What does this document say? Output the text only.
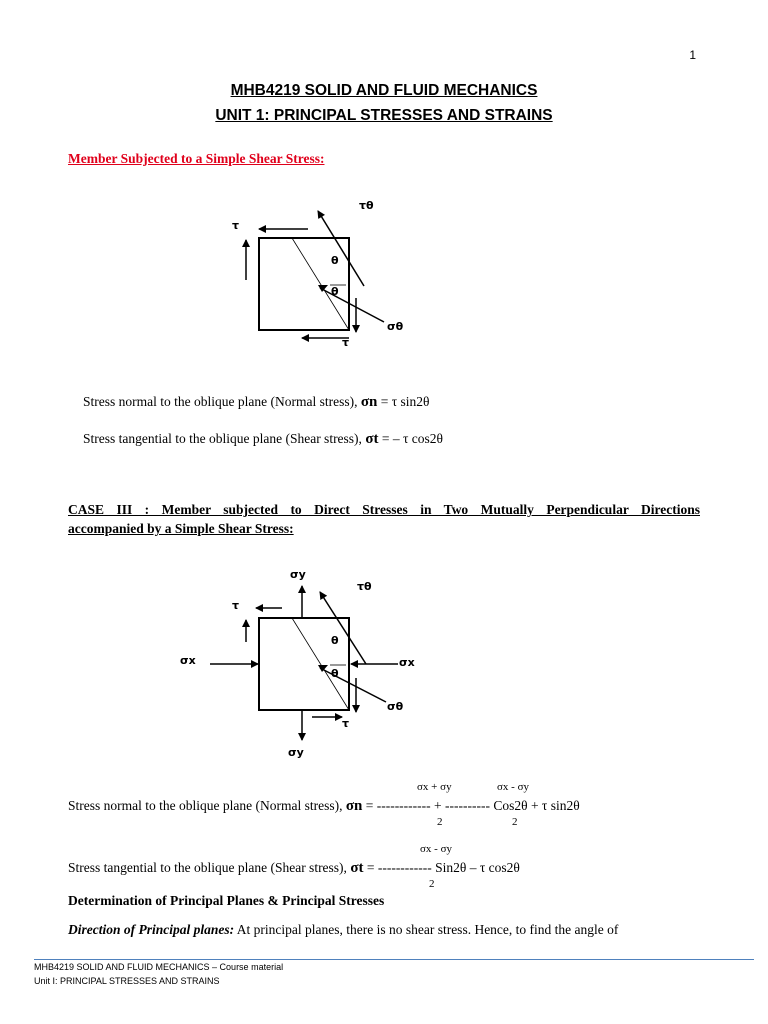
1
MHB4219 SOLID AND FLUID MECHANICS
UNIT 1: PRINCIPAL STRESSES AND STRAINS
Member Subjected to a Simple Shear Stress:
τθ
τ
θ
θ
σθ
τ
σy
τθ
τ
σx
θ
θ
σx
σθ
τ
σy
Stress normal to the oblique plane (Normal stress), σn = τ sin2θ
Stress tangential to the oblique plane (Shear stress), σt = – τ cos2θ
CASE III : Member subjected to Direct Stresses in Two Mutually Perpendicular Directions
accompanied by a Simple Shear Stress:
σx + σy	σx - σy
Stress normal to the oblique plane (Normal stress), σn = ------------ + ---------- Cos2θ + τ sin2θ
2	2
σx - σy
Stress tangential to the oblique plane (Shear stress), σt = ------------ Sin2θ – τ cos2θ
2
Determination of Principal Planes & Principal Stresses
Direction of Principal planes: At principal planes, there is no shear stress. Hence, to find the angle of
MHB4219 SOLID AND FLUID MECHANICS – Course material
Unit I: PRINCIPAL STRESSES AND STRAINS
